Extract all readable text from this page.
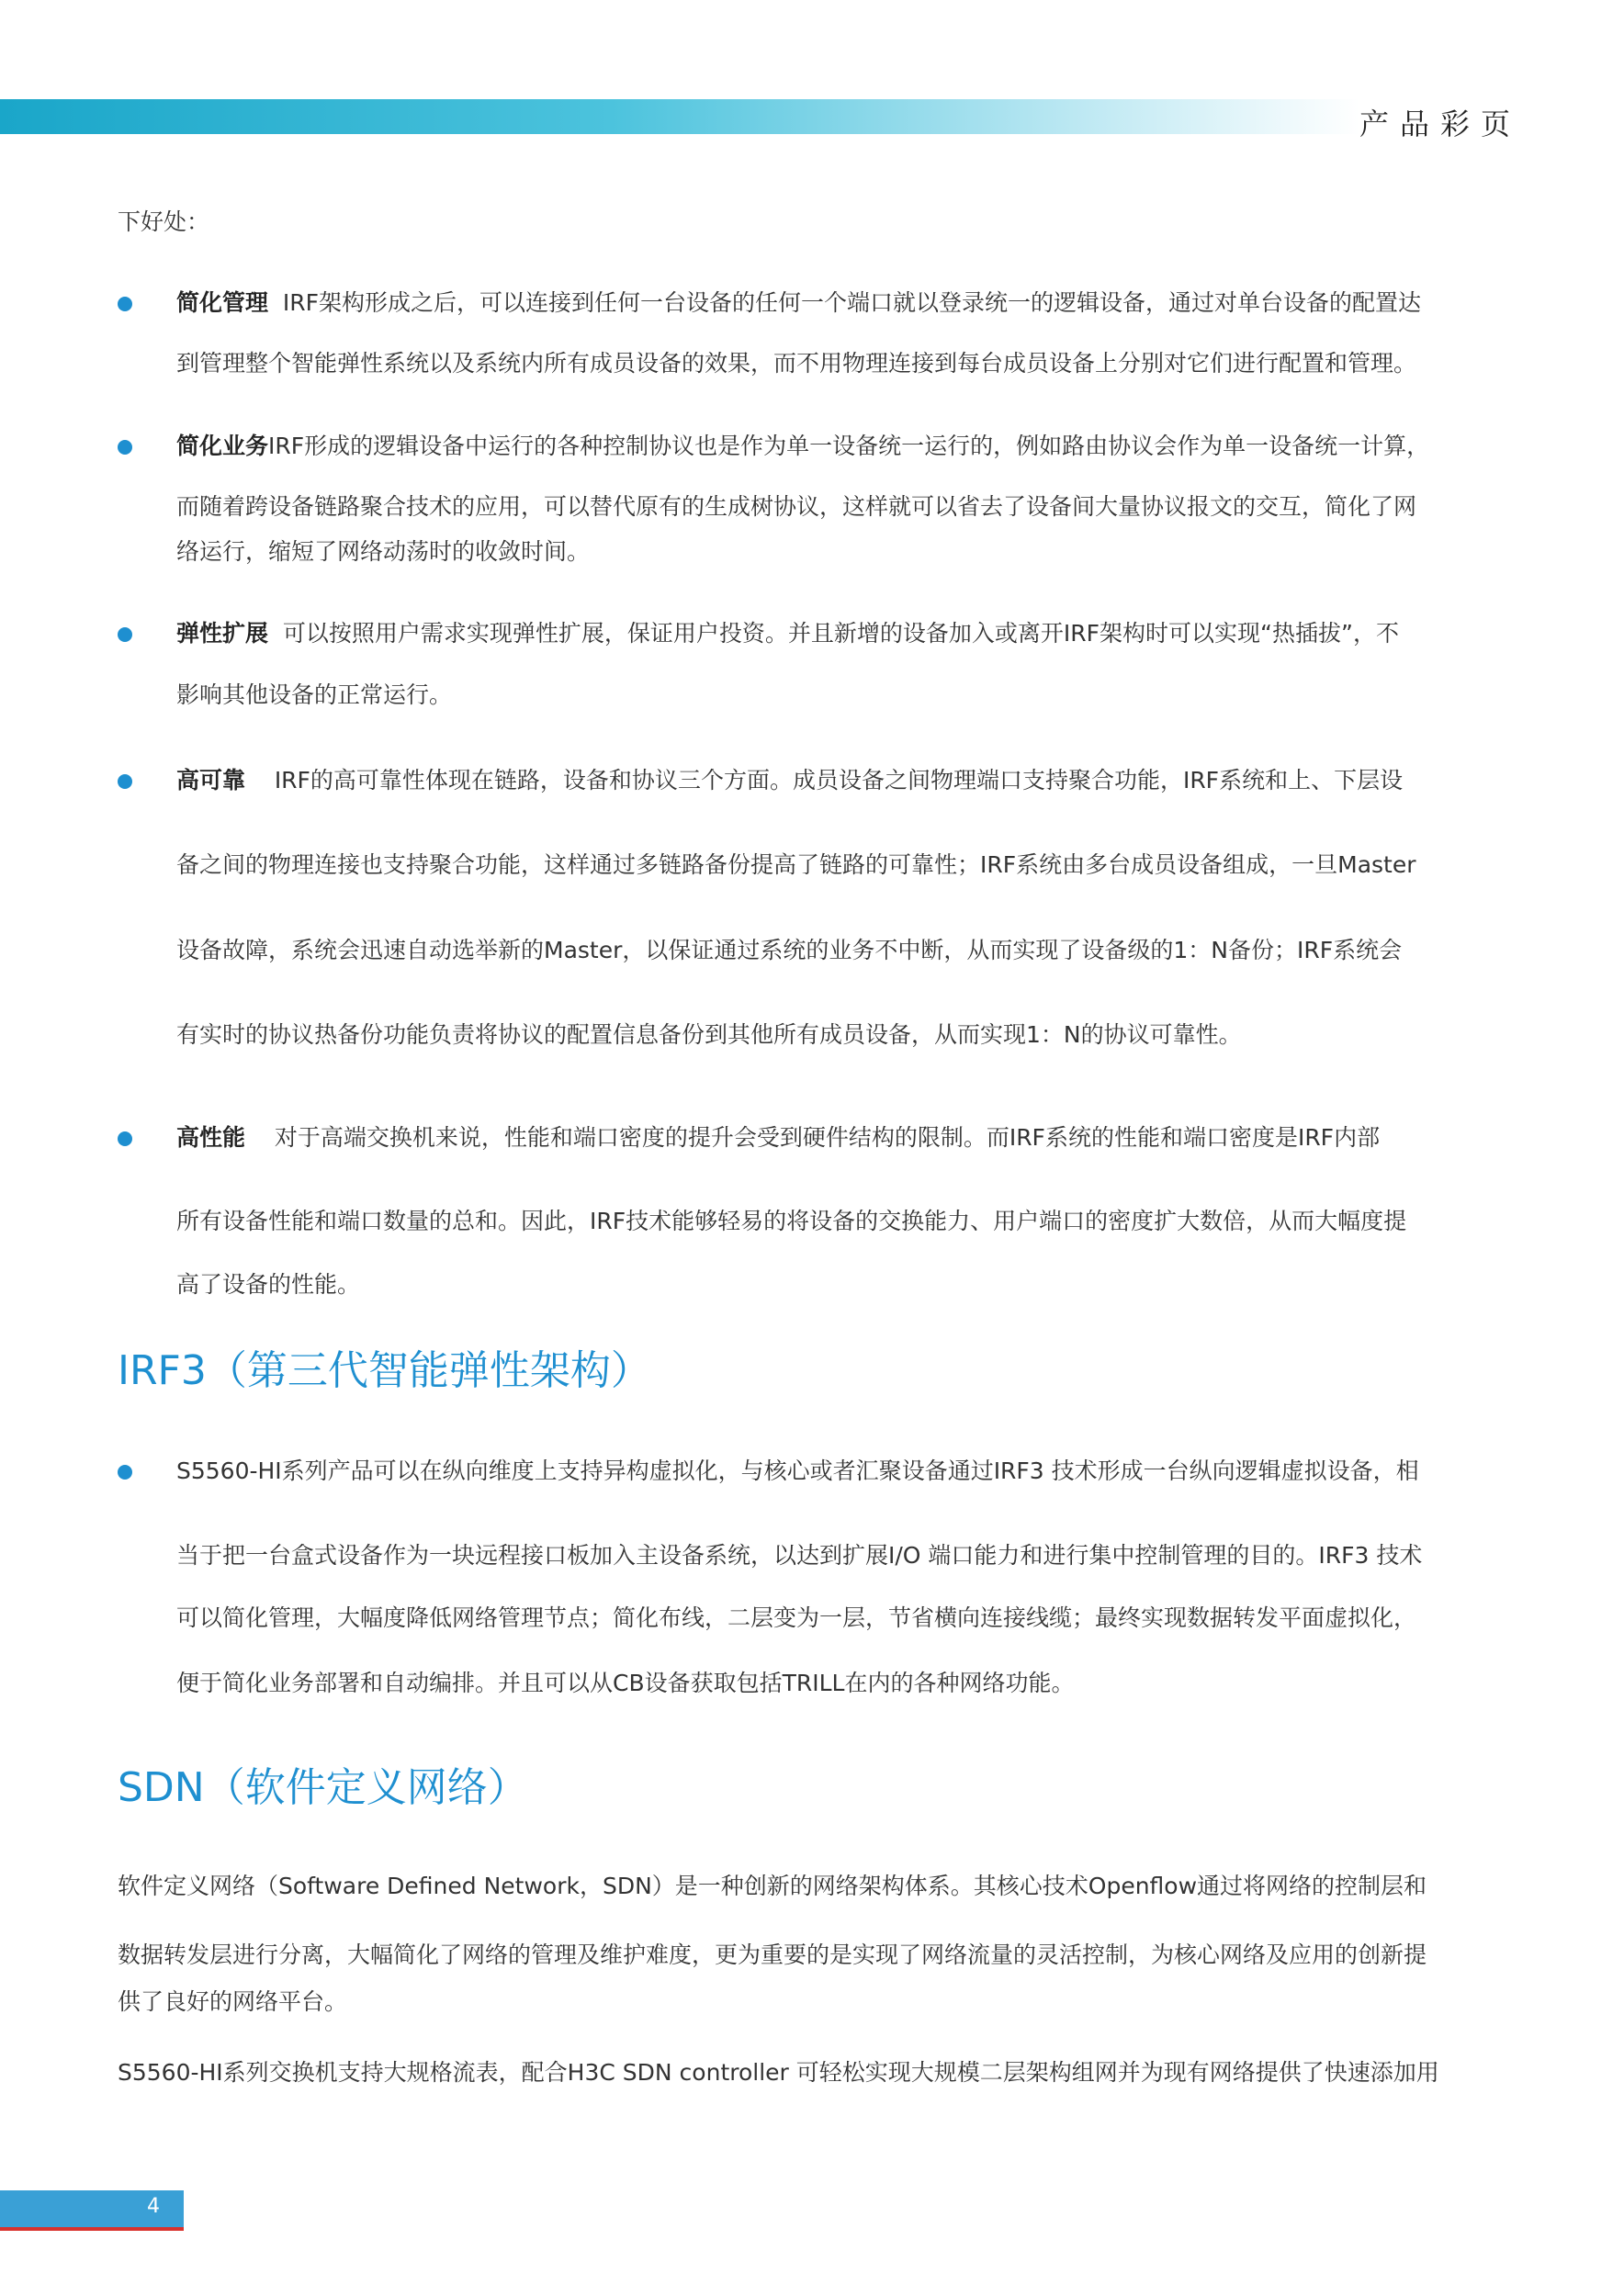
产品彩页

下好处：

简化管理 IRF架构形成之后，可以连接到任何一台设备的任何一个端口就以登录统一的逻辑设备，通过对单台设备的配置达
到管理整个智能弹性系统以及系统内所有成员设备的效果，而不用物理连接到每台成员设备上分别对它们进行配置和管理。
简化业务IRF形成的逻辑设备中运行的各种控制协议也是作为单一设备统一运行的，例如路由协议会作为单一设备统一计算，
而随着跨设备链路聚合技术的应用，可以替代原有的生成树协议，这样就可以省去了设备间大量协议报文的交互，简化了网
络运行，缩短了网络动荡时的收敛时间。
弹性扩展 可以按照用户需求实现弹性扩展，保证用户投资。并且新增的设备加入或离开IRF架构时可以实现“热插拔”，不
影响其他设备的正常运行。
高可靠 IRF的高可靠性体现在链路，设备和协议三个方面。成员设备之间物理端口支持聚合功能，IRF系统和上、下层设
备之间的物理连接也支持聚合功能，这样通过多链路备份提高了链路的可靠性；IRF系统由多台成员设备组成，一旦Master
设备故障，系统会迅速自动选举新的Master，以保证通过系统的业务不中断，从而实现了设备级的1：N备份；IRF系统会
有实时的协议热备份功能负责将协议的配置信息备份到其他所有成员设备，从而实现1：N的协议可靠性。
高性能 对于高端交换机来说，性能和端口密度的提升会受到硬件结构的限制。而IRF系统的性能和端口密度是IRF内部
所有设备性能和端口数量的总和。因此，IRF技术能够轻易的将设备的交换能力、用户端口的密度扩大数倍，从而大幅度提
高了设备的性能。
IRF3（第三代智能弹性架构）
S5560-HI系列产品可以在纵向维度上支持异构虚拟化，与核心或者汇聚设备通过IRF3 技术形成一台纵向逻辑虚拟设备，相
当于把一台盒式设备作为一块远程接口板加入主设备系统，以达到扩展I/O 端口能力和进行集中控制管理的目的。IRF3 技术
可以简化管理，大幅度降低网络管理节点；简化布线，二层变为一层，节省横向连接线缆；最终实现数据转发平面虚拟化，
便于简化业务部署和自动编排。并且可以从CB设备获取包括TRILL在内的各种网络功能。
SDN（软件定义网络）

软件定义网络（Software Defined Network，SDN）是一种创新的网络架构体系。其核心技术Openflow通过将网络的控制层和

数据转发层进行分离，大幅简化了网络的管理及维护难度，更为重要的是实现了网络流量的灵活控制，为核心网络及应用的创新提

供了良好的网络平台。

S5560-HI系列交换机支持大规格流表，配合H3C SDN controller 可轻松实现大规模二层架构组网并为现有网络提供了快速添加用

4
